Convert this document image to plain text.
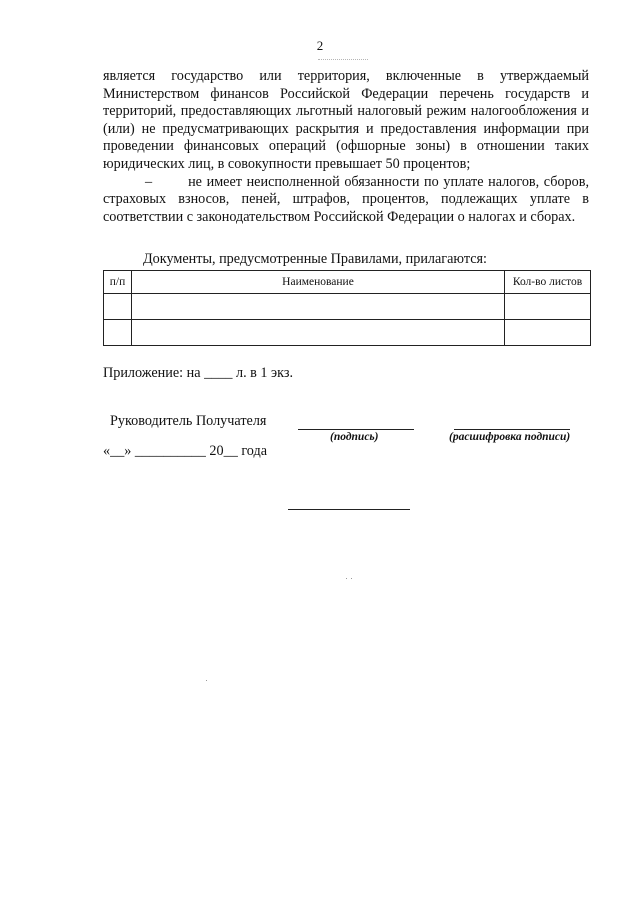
2

является государство или территория, включенные в утверждаемый Министерством финансов Российской Федерации перечень государств и территорий, предоставляющих льготный налоговый режим налогообложения и (или) не предусматривающих раскрытия и предоставления информации при проведении финансовых операций (офшорные зоны) в отношении таких юридических лиц, в совокупности превышает 50 процентов;

–	не имеет неисполненной обязанности по уплате налогов, сборов, страховых взносов, пеней, штрафов, процентов, подлежащих уплате в соответствии с законодательством Российской Федерации о налогах и сборах.

Документы, предусмотренные Правилами, прилагаются:
п/п	Наименование	Кол-во листов

Приложение: на ____ л. в 1 экз.
Руководитель Получателя
(подпись)	(расшифровка подписи)
«__» __________ 20__ года
